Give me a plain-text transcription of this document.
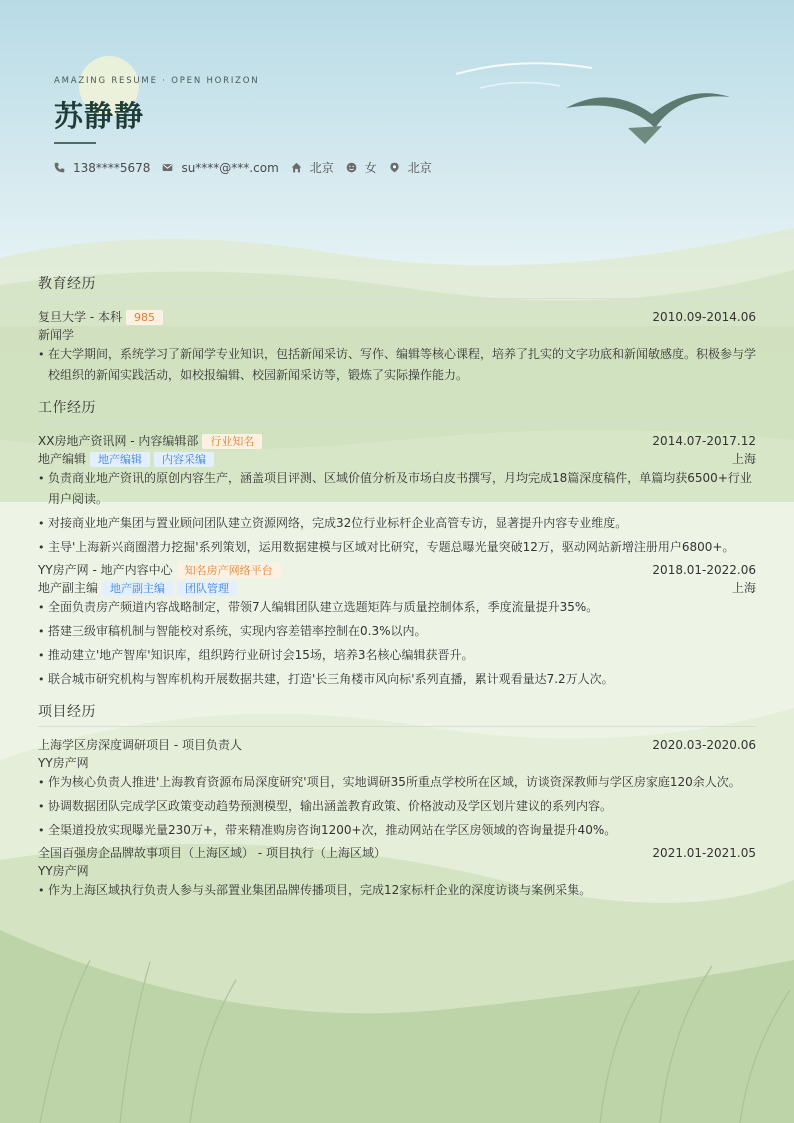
AMAZING RESUME · OPEN HORIZON
苏静静
138****5678	su****@***.com	北京	女	北京
教育经历
复旦大学 - 本科	985	2010.09-2014.06
新闻学
• 在大学期间，系统学习了新闻学专业知识，包括新闻采访、写作、编辑等核心课程，培养了扎实的文字功底和新闻敏感度。积极参与学校组织的新闻实践活动，如校报编辑、校园新闻采访等，锻炼了实际操作能力。
工作经历
XX房地产资讯网 - 内容编辑部	行业知名	2014.07-2017.12
地产编辑	地产编辑	内容采编	上海
• 负责商业地产资讯的原创内容生产，涵盖项目评测、区域价值分析及市场白皮书撰写，月均完成18篇深度稿件，单篇均获6500+行业用户阅读。
• 对接商业地产集团与置业顾问团队建立资源网络，完成32位行业标杆企业高管专访，显著提升内容专业维度。
• 主导'上海新兴商圈潜力挖掘'系列策划，运用数据建模与区域对比研究，专题总曝光量突破12万，驱动网站新增注册用户6800+。
YY房产网 - 地产内容中心	知名房产网络平台	2018.01-2022.06
地产副主编	地产副主编	团队管理	上海
• 全面负责房产频道内容战略制定，带领7人编辑团队建立选题矩阵与质量控制体系，季度流量提升35%。
• 搭建三级审稿机制与智能校对系统，实现内容差错率控制在0.3%以内。
• 推动建立'地产智库'知识库，组织跨行业研讨会15场，培养3名核心编辑获晋升。
• 联合城市研究机构与智库机构开展数据共建，打造'长三角楼市风向标'系列直播，累计观看量达7.2万人次。
项目经历
上海学区房深度调研项目 - 项目负责人	2020.03-2020.06
YY房产网
• 作为核心负责人推进'上海教育资源布局深度研究'项目，实地调研35所重点学校所在区域，访谈资深教师与学区房家庭120余人次。
• 协调数据团队完成学区政策变动趋势预测模型，输出涵盖教育政策、价格波动及学区划片建议的系列内容。
• 全渠道投放实现曝光量230万+，带来精准购房咨询1200+次，推动网站在学区房领域的咨询量提升40%。
全国百强房企品牌故事项目（上海区域） - 项目执行（上海区域）	2021.01-2021.05
YY房产网
• 作为上海区域执行负责人参与头部置业集团品牌传播项目，完成12家标杆企业的深度访谈与案例采集。
